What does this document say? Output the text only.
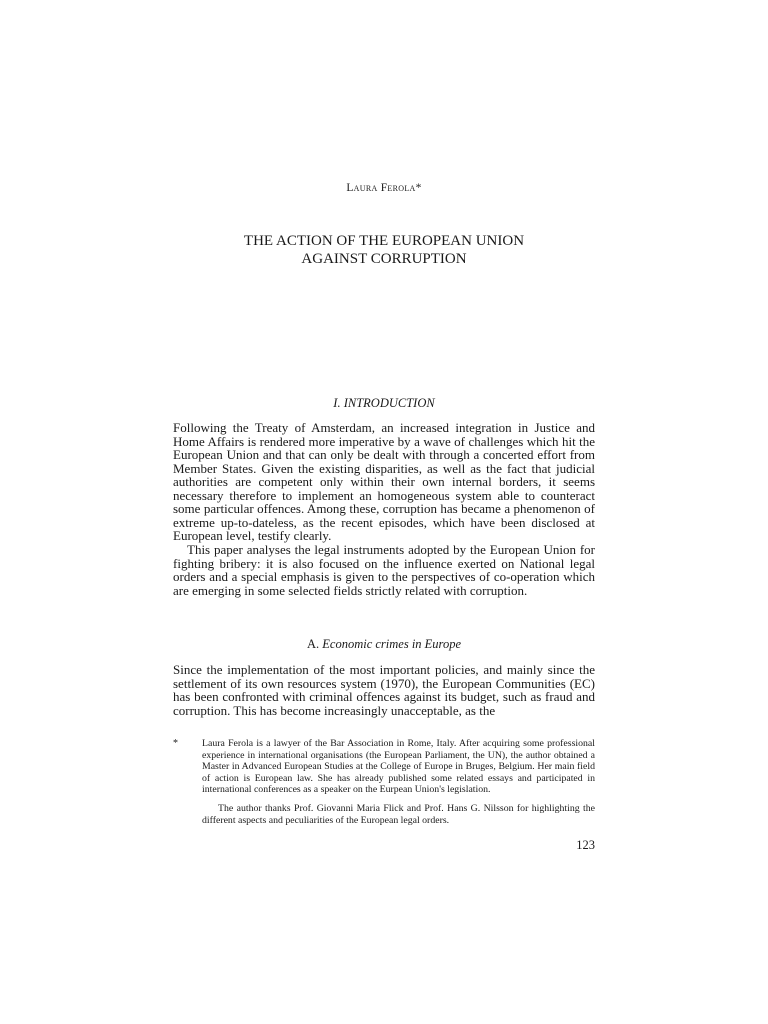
Laura Ferola*
THE ACTION OF THE EUROPEAN UNION
AGAINST CORRUPTION
I. INTRODUCTION

Following the Treaty of Amsterdam, an increased integration in Justice and Home Affairs is rendered more imperative by a wave of challenges which hit the European Union and that can only be dealt with through a concerted effort from Member States. Given the existing disparities, as well as the fact that judicial authorities are competent only within their own internal borders, it seems necessary therefore to implement an homogeneous system able to counteract some particular offences. Among these, corruption has became a phenomenon of extreme up-to-dateless, as the recent episodes, which have been disclosed at European level, testify clearly.

This paper analyses the legal instruments adopted by the European Union for fighting bribery: it is also focused on the influence exerted on National legal orders and a special emphasis is given to the perspectives of co-operation which are emerging in some selected fields strictly related with corruption.

A. Economic crimes in Europe

Since the implementation of the most important policies, and mainly since the settlement of its own resources system (1970), the European Communities (EC) has been confronted with criminal offences against its budget, such as fraud and corruption. This has become increasingly unacceptable, as the

* Laura Ferola is a lawyer of the Bar Association in Rome, Italy. After acquiring some professional experience in international organisations (the European Parliament, the UN), the author obtained a Master in Advanced European Studies at the College of Europe in Bruges, Belgium. Her main field of action is European law. She has already published some related essays and participated in international conferences as a speaker on the Eurpean Union's legislation.

The author thanks Prof. Giovanni Maria Flick and Prof. Hans G. Nilsson for highlighting the different aspects and peculiarities of the European legal orders.

123
